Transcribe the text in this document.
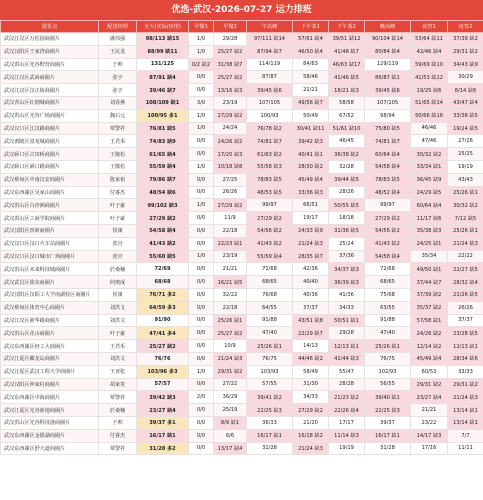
优选-武汉-2026-07-27 运力排班
提货点	配送经理	全天(实际/应排)	早餐1	早餐2	午高峰	下午茶1	下午茶2	晚高峰	夜宵1	夜宵2
武汉江汉区万松园商圈片	潘伟强	98/113 缺15	1/0	29/28	97/111 缺14	57/61 缺4	39/51 缺12	90/104 缺14	53/64 缺11	37/39 缺2
武汉汉阳区王家湾商圈片	王民龙	88/99 缺11	1/0	25/27 缺2	87/94 缺7	46/50 缺4	41/48 缺7	80/84 缺4	42/46 缺4	29/31 缺2
武汉洪山区光谷野营商圈片	于帅	131/125	0/2 缺2	31/38 缺7	114/119	84/63	46/63 缺17	129/119	59/69 缺10	34/43 缺9
武汉江汉区武商商圈片	张宇	87/91 缺4	0/0	25/27 缺2	87/87	58/46	41/46 缺5	86/87 缺1	41/53 缺12	30/29
武汉江汉区汉正街商圈片	张宇	39/46 缺7	0/0	13/16 缺3	39/45 缺6	21/21	18/21 缺3	39/45 缺6	19/25 缺6	8/14 缺6
武汉青山区红钢城商圈片	刘春燕	108/109 缺1	3/0	23/19	107/105	49/56 缺7	58/58	107/105	51/65 缺14	43/47 缺4
武汉洪山区光谷广场商圈片	魏石元	100/95 多1	1/0	27/29 缺2	100/93	50/49	67/52	98/94	50/66 缺16	33/38 缺5
武汉汉口区江汉路商圈片	覃警祥	76/81 缺5	1/0	24/24	76/78 缺2	30/41 缺11	51/61 缺10	75/80 缺5	46/46	19/24 缺5
武汉黄陂区盘龙城商圈片	王君禾	74/83 缺9	0/0	24/26 缺2	74/81 缺7	39/42 缺3	46/45	74/81 缺7	47/46	27/26
武汉硚口区古田桥商圈片	王敬松	61/65 缺4	0/0	17/20 缺3	61/63 缺2	40/41 缺1	36/38 缺2	60/64 缺4	30/32 缺2	25/25
武汉硚口区硚口路商圈片	王敬松	55/59 缺4	1/0	10/18 缺8	55/58 缺3	28/30 缺2	32/28	54/58 缺4	33/34 缺1	19/19
武汉蔡甸区中南汉安商圈片	陈家祖	79/86 缺7	0/0	27/25	78/83 缺5	45/49 缺4	39/44 缺5	78/83 缺5	36/45 缺9	43/43
武汉东西湖区吴家山商圈片	付睿杰	48/54 缺6	0/0	26/26	48/53 缺5	33/36 缺3	28/26	48/52 缺4	24/29 缺5	25/26 缺1
武汉洪山区白沙洲商圈片	叶子豪	99/102 缺3	1/0	27/29 缺2	99/97	66/51	50/55 缺5	99/97	60/64 缺4	30/32 缺2
武汉洪山区工商学院商圈片	叶子豪	27/29 缺2	0/0	11/9	27/29 缺2	19/17	18/18	27/29 缺2	11/17 缺6	7/12 缺5
武汉汉阳区四新商圈片	侯康	54/58 缺4	0/0	22/18	54/56 缺2	24/33 缺9	31/36 缺5	54/56 缺2	35/38 缺3	25/26 缺1
武汉汉口区汉口火车站商圈片	张宫	41/43 缺2	0/0	22/23 缺1	41/43 缺2	21/24 缺3	25/24	41/43 缺2	24/25 缺1	21/24 缺3
武汉汉口区汉口城市广场商圈片	张宫	55/60 缺5	1/0	23/19	55/59 缺4	28/35 缺7	37/36	54/58 缺4	35/34	22/22
武汉洪山区未来科技城商圈片	於桑楠	72/69	0/0	21/21	71/68	42/36	34/37 缺3	72/68	49/50 缺1	22/27 缺5
武汉武昌区徐东商圈片	何奥成	68/68	0/0	16/21 缺5	68/65	40/40	36/39 缺3	68/65	37/44 缺7	28/32 缺4
武汉汉阳区汉阳工大学南湖校区商圈片	侯康	76/71 多2	0/0	32/22	76/68	40/36	41/36	75/68	37/39 缺2	21/26 缺5
武汉蔡甸区体育中心商圈片	刘洪文	64/59 多3	0/0	22/18	64/55	37/37	34/33	63/55	35/37 缺2	26/26
武汉江汉区新华路商圈片	刘洪文	91/90	0/0	25/26 缺1	91/88	43/51 缺8	50/51 缺1	91/88	57/58 缺1	37/37
武汉洪山区花山商圈片	叶子豪	47/41 多4	0/0	25/27 缺2	47/40	22/29 缺7	29/28	47/40	24/26 缺2	23/28 缺5
武汉东西湖区轻工大商圈片	王君禾	25/27 缺2	0/0	10/9	25/26 缺1	14/13	12/13 缺1	25/26 缺1	12/14 缺2	12/13 缺1
武汉江夏区藏龙岛商圈片	刘洪文	76/76	0/0	21/24 缺3	76/75	44/46 缺2	41/44 缺3	76/75	45/49 缺4	28/34 缺6
武汉江夏区武汉工程大学商圈片	王亚张	103/96 多3	1/0	29/31 缺2	103/93	58/49	55/47	102/93	60/53	33/33
武汉汉阳区钟家村商圈片	胡家贵	57/57	0/0	27/22	57/55	31/30	28/28	56/55	29/31 缺2	29/31 缺2
武汉东西湖区中海商圈片	覃警祥	39/42 缺3	2/0	36/29	39/41 缺2	34/33	21/23 缺2	39/40 缺1	23/27 缺4	21/24 缺3
武汉江夏区光谷新地商圈片	於桑楠	23/27 缺4	0/0	25/19	22/25 缺3	27/29 缺2	22/26 缺4	22/25 缺3	21/21	13/14 缺1
武汉洪山区光谷科技港商圈片	于帅	39/37 多1	0/0	8/9 缺1	36/33	21/20	17/17	39/37	23/22	13/14 缺1
武汉东西湖区金银湖商圈片	付睿杰	16/17 缺1	0/0	6/6	16/17 缺1	16/18 缺2	11/14 缺3	16/17 缺1	14/17 缺3	7/7
武汉东西湖区舒大道商圈片	覃警祥	31/28 多2	0/0	13/17 缺4	31/28	21/24 缺3	19/19	31/28	17/16	11/11
